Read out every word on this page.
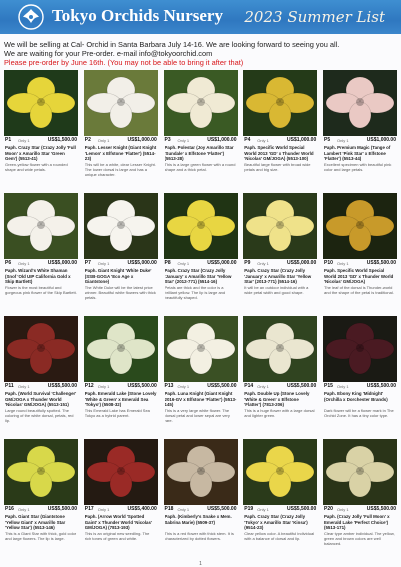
Tokyo Orchids Nursery 2023 Summer List
We will be selling at Cal- Orchid in Santa Barbara July 14-16. We are looking forward to seeing you all.
We are waiting for your Pre-order. e-mail info@tokyoorchid.com
Please pre-order by June 16th. (You may not be able to bring it after that)
P1 Only 1	US$1,500.00
Paph. Crazy Star (Crazy Jolly 'Full Moon' x Amarillo Star 'Green Gem') (5513-41)
Green-yellow flower with a rounded shape and wide petals.
P2 Only 1	US$1,000.00
Paph. Lesser Knight (Giant Knight 'Lemon' x Elfstone 'Flatter') (5514-23)
This will be a white, clear Lesser Knight. The lower dorsal is large and has a unique character.
P3 Only 1	US$1,000.00
Paph. Polestar (Joy Amarillo Star 'Sundale' x Elfstone 'Flatter') (5513-28)
This is a large green flower with a round shape and a thick petal.
P4 Only 1	US$1,000.00
Paph. Specific World Special World 2013 'GD' x Thunder World 'Nicolas' GM/JOGA) (5513-100)
Beautiful large flower with broad wide petals and big size.
P5 Only 1	US$1,000.00
Paph. Premium Magic (Tange of Lambert 'Pink Star' x Elfstone 'Flatter') (5513-44)
Excellent specimen with beautiful pink color and large petals.
P6 Only 1	US$5,000.00
Paph. Wizard's White Shaman (Snof 'Old UIP California Gold x Skip Bartlett)
Flower is the most beautiful and gorgeous pink flower of the Skip Bartlett.
P7 Only 1	US$5,000.00
Paph. Giant Knight 'White Duke' (SSB-GOGA 'Eco Age x Giantstone)
The White Duke will be the latest price winner. Beautiful white flowers with thick petals.
P8 Only 1	US$5,000.00
Paph. Crazy Star (Crazy Jolly 'January' x Amarillo Star 'Yellow Star' (2012-771) (5514-16)
Petals are thick and the color is a brilliant yellow. The lip is large and beautifully shaped.
P9 Only 1	US$5,000.00
Paph. Crazy Star (Crazy Jolly 'January' x Amarillo Star 'Yellow Star' (2013-771) (5514-16)
It will be an outdoor individual with a wide petal width and good shape.
P10 Only 1	US$5,500.00
Paph. Specific World Special World 2013 'GD' x Thunder World 'Nicolas' GM/JOGA)
The leaf of the dorsal is Thunder-world and the shape of the petal is traditional.
P11 Only 1	US$5,500.00
Paph. (World Survival 'Challenger' GM/JOGA x Thunder World 'Nicolas' GM/JOGA) (5513-151)
Large round beautifully spotted. The coloring of the white dorsal, petals, red lip.
P12 Only 1	US$5,500.00
Paph. Emerald Lake (Stone Lovely 'White & Green' x Emerald Sea 'Tokyo') (5508-32)
This Emerald Lake has Emerald Sea Tokyo as a hybrid parent.
P13 Only 1	US$5,500.00
Paph. Luna Knight (Giant Knight 2016-GV x Elfstone 'Flatter') (5513-145)
This is a very large white flower. The dorsal petal and lower sepal are very rare.
P14 Only 1	US$5,500.00
Paph. Double Up (Stone Lovely 'White & Green' x Elfstone 'Flatter') (7813-206)
This is a huge flower with a large dorsal and lighter green.
P15 Only 1	US$5,500.00
Paph. Ebony King 'Midnight' (Orchilla x Dorchester Brands)
Dark flower will be a flower mark in The Orchid Zone. It has a tiny color type.
P16 Only 1	US$5,500.00
Paph. Giant Star (Giantstone 'Yellow Giant' x Amarillo Star 'Yellow Star') (5513-146)
This is a Giant Star with thick, gold color and large flowers. The lip is large.
P17 Only 1	US$5,400.00
Paph. (Arrow World 'Spotted Gaint' x Thunder World 'Nicolas' GM/JOGA) (7813-193)
This is an original new seedling. The rich tones of green and white.
P18 Only 1	US$5,500.00
Paph. (Kimberly's Snake x Mem. Sabrina Marie) (5509-37)
This is a red flower with thick stem. It is characterized by dotted flowers.
P19 Only 1	US$5,500.00
Paph. Crazy Star (Crazy Jolly 'Tokyo' x Amarillo Star 'Kinsa') (9514-23)
Clear yellow color. A beautiful individual with a balance of dorsal and lip.
P20 Only 1	US$5,500.00
Paph. (Crazy Jolly 'Full Moon' x Emerald Lake 'Perfect Choice') (5513-171)
Clear type amber individual. The yellow, green and brown colors are well balanced.
1
